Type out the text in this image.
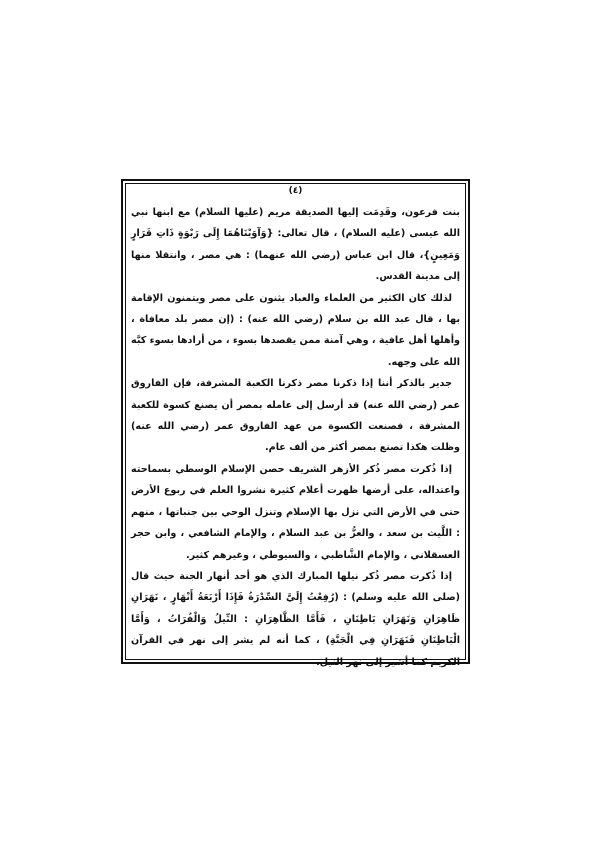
(٤)

بنت فرعون، وقَدِمَت إليها الصديقة مريم (عليها السلام) مع ابنها نبي الله عيسى (عليه السلام) ، قال تعالى: {وَآوَيْنَاهُمَا إِلَى رَبْوَةٍ ذَاتِ قَرَارٍ وَمَعِينٍ}، قال ابن عباس (رضي الله عنهما) : هي مصر ، وانتقلا منها إلى مدينة القدس.

لذلك كان الكثير من العلماء والعباد يثنون على مصر ويتمنون الإقامة بها ، قال عبد الله بن سلام (رضي الله عنه) : (إن مصر بلد معافاة ، وأهلها أهل عافية ، وهي آمنة ممن يقصدها بسوء ، من أرادها بسوء كبَّه الله على وجهه.

جدير بالذكر أننا إذا ذكرنا مصر ذكرنا الكعبة المشرفة، فإن الفاروق عمر (رضي الله عنه) قد أرسل إلى عامله بمصر أن يصنع كسوة للكعبة المشرفة ، فصنعت الكسوة من عهد الفاروق عمر (رضي الله عنه) وظلت هكذا تصنع بمصر أكثر من ألف عام.

إذا ذُكرت مصر ذُكر الأزهر الشريف حصن الإسلام الوسطي بسماحته واعتداله، على أرضها ظهرت أعلام كثيرة نشروا العلم في ربوع الأرض حتى في الأرض التي نزل بها الإسلام وتنزل الوحي بين جنباتها ، منهم : اللَّيث بن سعد ، والعزُّ بن عبد السلام ، والإمام الشافعي ، وابن حجر العسقلاني ، والإمام الشَّاطبي ، والسيوطي ، وغيرهم كثير.

إذا ذُكرت مصر ذُكر نيلها المبارك الذي هو أحد أنهار الجنة حيث قال (صلى الله عليه وسلم) : (رُفِعْتُ إِلَيَّ السِّدْرَةُ فَإِذَا أَرْبَعَةُ أَنْهَارٍ ، نَهَرَانِ ظَاهِرَانِ وَنَهَرَانِ بَاطِنَانِ ، فَأَمَّا الظَّاهِرَانِ : النِّيلُ وَالْفُرَاتُ ، وَأَمَّا الْبَاطِنَانِ فَنَهَرَانِ فِي الْجَنَّةِ) ، كما أنه لم يشر إلى نهر في القرآن الكريم كما أشير إلى نهر النيل،
